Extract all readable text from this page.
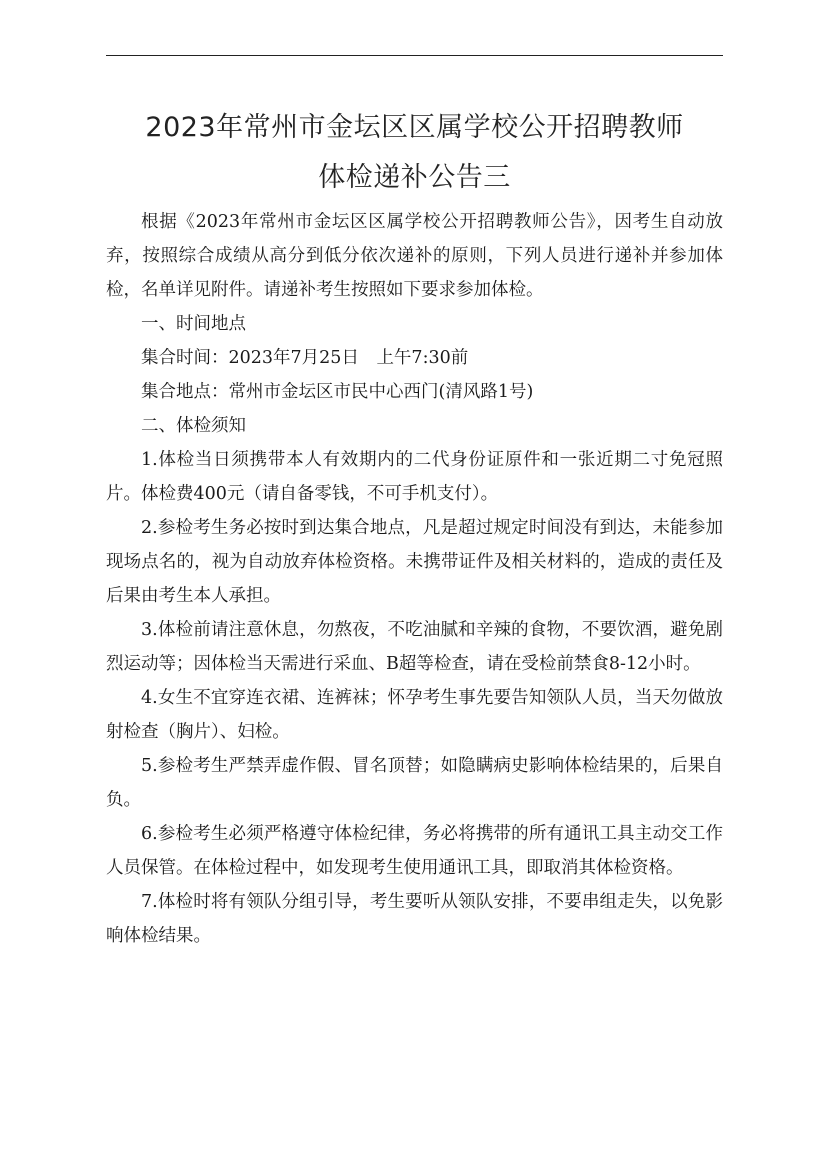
2023年常州市金坛区区属学校公开招聘教师
体检递补公告三

根据《2023年常州市金坛区区属学校公开招聘教师公告》，因考生自动放弃，按照综合成绩从高分到低分依次递补的原则，下列人员进行递补并参加体检，名单详见附件。请递补考生按照如下要求参加体检。

一、时间地点

集合时间：2023年7月25日　上午7:30前

集合地点：常州市金坛区市民中心西门(清风路1号)

二、体检须知

1.体检当日须携带本人有效期内的二代身份证原件和一张近期二寸免冠照片。体检费400元（请自备零钱，不可手机支付）。

2.参检考生务必按时到达集合地点，凡是超过规定时间没有到达，未能参加现场点名的，视为自动放弃体检资格。未携带证件及相关材料的，造成的责任及后果由考生本人承担。

3.体检前请注意休息，勿熬夜，不吃油腻和辛辣的食物，不要饮酒，避免剧烈运动等；因体检当天需进行采血、B超等检查，请在受检前禁食8-12小时。

4.女生不宜穿连衣裙、连裤袜；怀孕考生事先要告知领队人员，当天勿做放射检查（胸片）、妇检。

5.参检考生严禁弄虚作假、冒名顶替；如隐瞒病史影响体检结果的，后果自负。

6.参检考生必须严格遵守体检纪律，务必将携带的所有通讯工具主动交工作人员保管。在体检过程中，如发现考生使用通讯工具，即取消其体检资格。

7.体检时将有领队分组引导，考生要听从领队安排，不要串组走失，以免影响体检结果。
